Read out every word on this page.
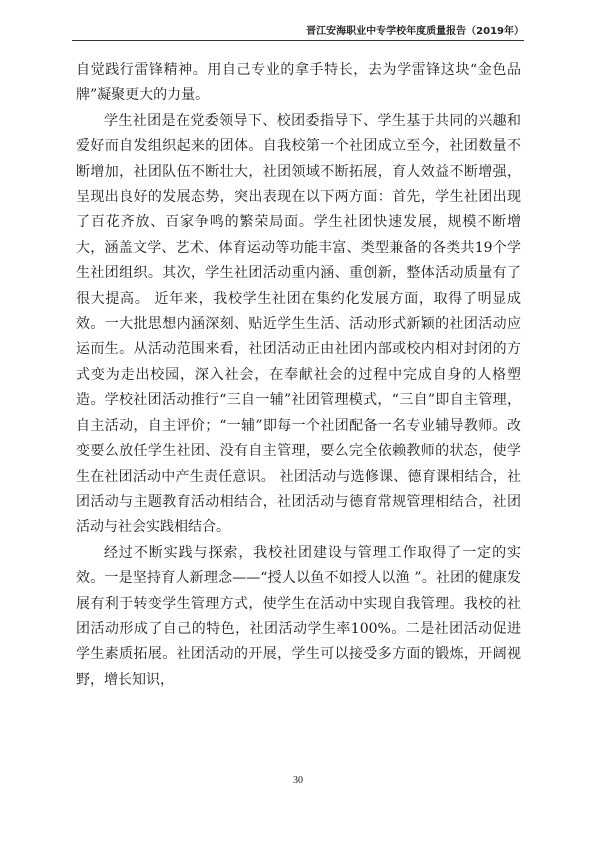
晋江安海职业中专学校年度质量报告（2019年）

自觉践行雷锋精神。用自己专业的拿手特长，去为学雷锋这块“金色品牌”凝聚更大的力量。

学生社团是在党委领导下、校团委指导下、学生基于共同的兴趣和爱好而自发组织起来的团体。自我校第一个社团成立至今，社团数量不断增加，社团队伍不断壮大，社团领域不断拓展，育人效益不断增强，呈现出良好的发展态势，突出表现在以下两方面：首先，学生社团出现了百花齐放、百家争鸣的繁荣局面。学生社团快速发展，规模不断增大，涵盖文学、艺术、体育运动等功能丰富、类型兼备的各类共19个学生社团组织。其次，学生社团活动重内涵、重创新，整体活动质量有了很大提高。 近年来，我校学生社团在集约化发展方面，取得了明显成效。一大批思想内涵深刻、贴近学生生活、活动形式新颖的社团活动应运而生。从活动范围来看，社团活动正由社团内部或校内相对封闭的方式变为走出校园，深入社会，在奉献社会的过程中完成自身的人格塑造。学校社团活动推行“三自一辅”社团管理模式，“三自”即自主管理，自主活动，自主评价；“一辅”即每一个社团配备一名专业辅导教师。改变要么放任学生社团、没有自主管理，要么完全依赖教师的状态，使学生在社团活动中产生责任意识。 社团活动与选修课、德育课相结合，社团活动与主题教育活动相结合，社团活动与德育常规管理相结合，社团活动与社会实践相结合。

经过不断实践与探索，我校社团建设与管理工作取得了一定的实效。一是坚持育人新理念——“授人以鱼不如授人以渔 ”。社团的健康发展有利于转变学生管理方式，使学生在活动中实现自我管理。我校的社团活动形成了自己的特色，社团活动学生率100%。二是社团活动促进学生素质拓展。社团活动的开展，学生可以接受多方面的锻炼，开阔视野，增长知识，

30
